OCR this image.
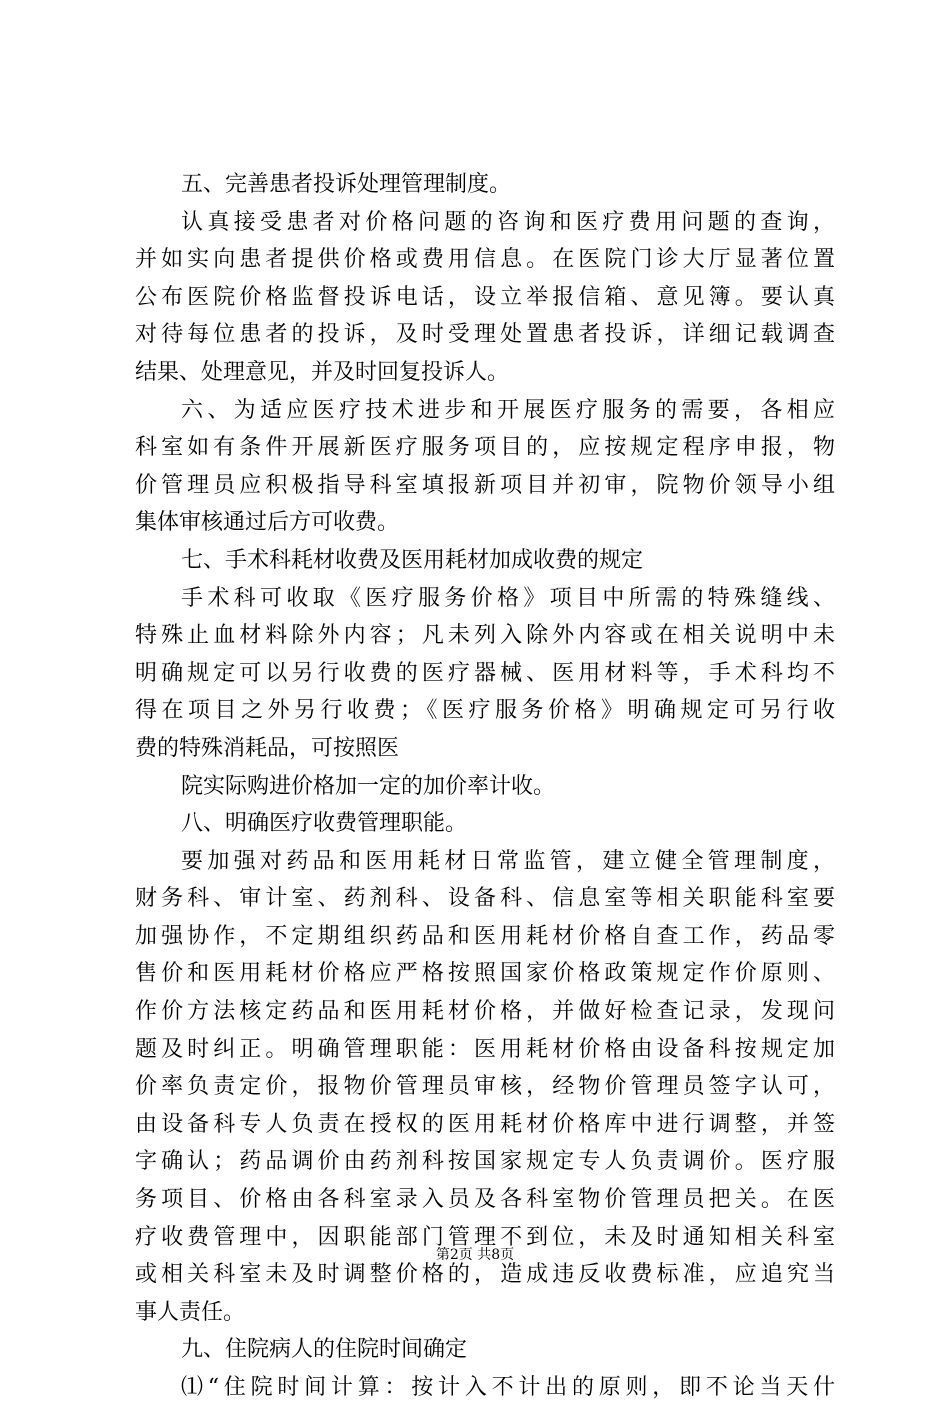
五、完善患者投诉处理管理制度。

认真接受患者对价格问题的咨询和医疗费用问题的查询，

并如实向患者提供价格或费用信息。在医院门诊大厅显著位置

公布医院价格监督投诉电话，设立举报信箱、意见簿。要认真

对待每位患者的投诉，及时受理处置患者投诉，详细记载调查

结果、处理意见，并及时回复投诉人。

六、为适应医疗技术进步和开展医疗服务的需要，各相应

科室如有条件开展新医疗服务项目的，应按规定程序申报，物

价管理员应积极指导科室填报新项目并初审，院物价领导小组

集体审核通过后方可收费。

七、手术科耗材收费及医用耗材加成收费的规定

手术科可收取《医疗服务价格》项目中所需的特殊缝线、

特殊止血材料除外内容；凡未列入除外内容或在相关说明中未

明确规定可以另行收费的医疗器械、医用材料等，手术科均不

得在项目之外另行收费；《医疗服务价格》明确规定可另行收

费的特殊消耗品，可按照医

院实际购进价格加一定的加价率计收。

八、明确医疗收费管理职能。

要加强对药品和医用耗材日常监管，建立健全管理制度，

财务科、审计室、药剂科、设备科、信息室等相关职能科室要

加强协作，不定期组织药品和医用耗材价格自查工作，药品零

售价和医用耗材价格应严格按照国家价格政策规定作价原则、

作价方法核定药品和医用耗材价格，并做好检查记录，发现问

题及时纠正。明确管理职能：医用耗材价格由设备科按规定加

价率负责定价，报物价管理员审核，经物价管理员签字认可，

由设备科专人负责在授权的医用耗材价格库中进行调整，并签

字确认；药品调价由药剂科按国家规定专人负责调价。医疗服

务项目、价格由各科室录入员及各科室物价管理员把关。在医

疗收费管理中，因职能部门管理不到位，未及时通知相关科室

或相关科室未及时调整价格的，造成违反收费标准，应追究当

事人责任。

九、住院病人的住院时间确定

⑴“住院时间计算：按计入不计出的原则，即不论当天什

第2页 共8页
